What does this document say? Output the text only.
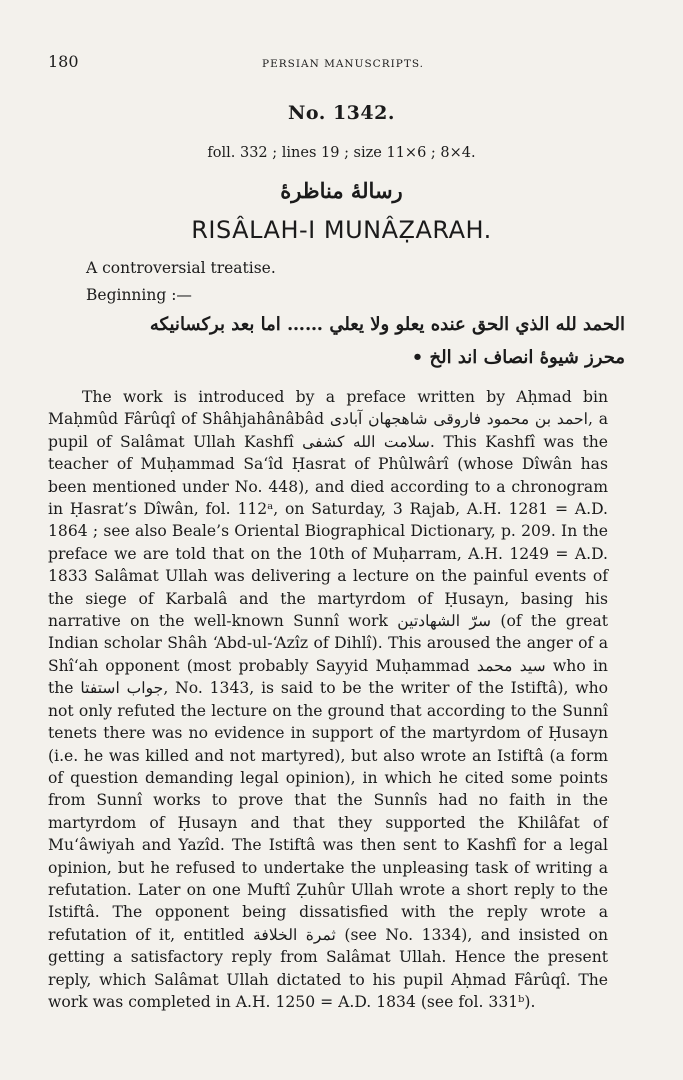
180	PERSIAN MANUSCRIPTS.
No. 1342.
foll. 332 ; lines 19 ; size 11×6 ; 8×4.
رسالهٔ مناظرهٔ
RISÂLAH-I MUNÂẒARAH.
A controversial treatise.
Beginning :—
الحمد لله الذي الحق عنده يعلو ولا يعلي …… اما بعد برکسانیکه
محرز شیوهٔ انصاف اند الخ •

The work is introduced by a preface written by Aḥmad bin Maḥmûd Fârûqî of Shâhjahânâbâd احمد بن محمود فاروقی شاهجهان آبادی, a pupil of Salâmat Ullah Kashfî سلامت الله کشفی. This Kashfî was the teacher of Muḥammad Sa‘îd Ḥasrat of Phûlwârî (whose Dîwân has been mentioned under No. 448), and died according to a chronogram in Ḥasrat’s Dîwân, fol. 112ᵃ, on Saturday, 3 Rajab, A.H. 1281 = A.D. 1864 ; see also Beale’s Oriental Biographical Dictionary, p. 209. In the preface we are told that on the 10th of Muḥarram, A.H. 1249 = A.D. 1833 Salâmat Ullah was delivering a lecture on the painful events of the siege of Karbalâ and the martyrdom of Ḥusayn, basing his narrative on the well-known Sunnî work سرّ الشهادتين (of the great Indian scholar Shâh ‘Abd-ul-‘Azîz of Dihlî). This aroused the anger of a Shî‘ah opponent (most probably Sayyid Muḥammad سید محمد who in the جواب استفتا, No. 1343, is said to be the writer of the Istiftâ), who not only refuted the lecture on the ground that according to the Sunnî tenets there was no evidence in support of the martyrdom of Ḥusayn (i.e. he was killed and not martyred), but also wrote an Istiftâ (a form of question demanding legal opinion), in which he cited some points from Sunnî works to prove that the Sunnîs had no faith in the martyrdom of Ḥusayn and that they supported the Khilâfat of Mu‘âwiyah and Yazîd. The Istiftâ was then sent to Kashfî for a legal opinion, but he refused to undertake the unpleasing task of writing a refutation. Later on one Muftî Ẓuhûr Ullah wrote a short reply to the Istiftâ. The opponent being dissatisfied with the reply wrote a refutation of it, entitled ثمرة الخلافة (see No. 1334), and insisted on getting a satisfactory reply from Salâmat Ullah. Hence the present reply, which Salâmat Ullah dictated to his pupil Aḥmad Fârûqî. The work was completed in A.H. 1250 = A.D. 1834 (see fol. 331ᵇ).
